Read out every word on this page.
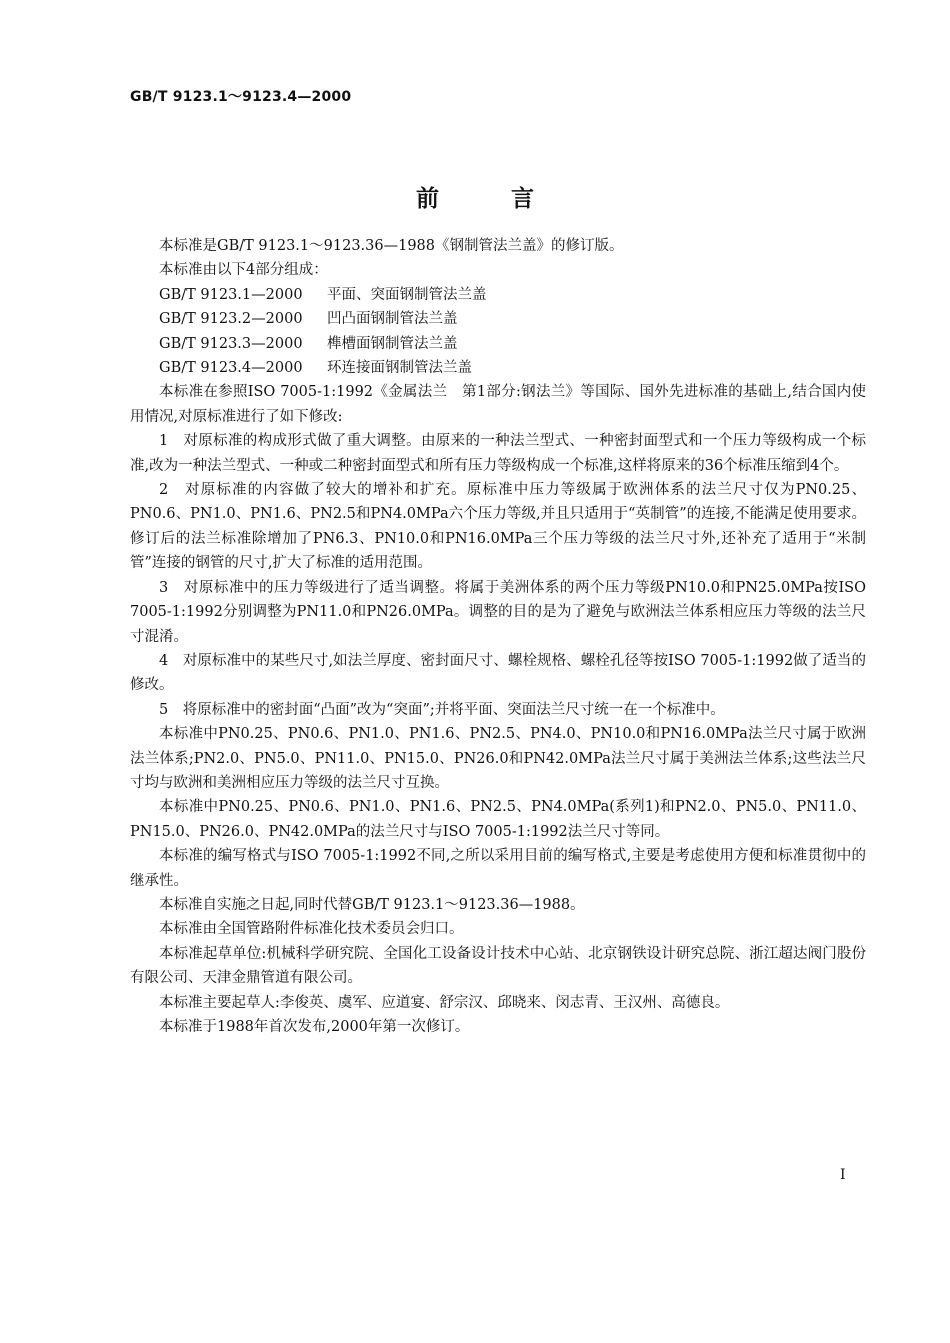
GB/T 9123.1～9123.4—2000
前言

本标准是GB/T 9123.1～9123.36—1988《钢制管法兰盖》的修订版。

本标准由以下4部分组成：

GB/T 9123.1—2000	平面、突面钢制管法兰盖
GB/T 9123.2—2000	凹凸面钢制管法兰盖
GB/T 9123.3—2000	榫槽面钢制管法兰盖
GB/T 9123.4—2000	环连接面钢制管法兰盖

本标准在参照ISO 7005-1:1992《金属法兰　第1部分:钢法兰》等国际、国外先进标准的基础上,结合国内使用情况,对原标准进行了如下修改:

1　对原标准的构成形式做了重大调整。由原来的一种法兰型式、一种密封面型式和一个压力等级构成一个标准,改为一种法兰型式、一种或二种密封面型式和所有压力等级构成一个标准,这样将原来的36个标准压缩到4个。

2　对原标准的内容做了较大的增补和扩充。原标准中压力等级属于欧洲体系的法兰尺寸仅为PN0.25、PN0.6、PN1.0、PN1.6、PN2.5和PN4.0MPa六个压力等级,并且只适用于“英制管”的连接,不能满足使用要求。修订后的法兰标准除增加了PN6.3、PN10.0和PN16.0MPa三个压力等级的法兰尺寸外,还补充了适用于“米制管”连接的钢管的尺寸,扩大了标准的适用范围。

3　对原标准中的压力等级进行了适当调整。将属于美洲体系的两个压力等级PN10.0和PN25.0MPa按ISO 7005-1:1992分别调整为PN11.0和PN26.0MPa。调整的目的是为了避免与欧洲法兰体系相应压力等级的法兰尺寸混淆。

4　对原标准中的某些尺寸,如法兰厚度、密封面尺寸、螺栓规格、螺栓孔径等按ISO 7005-1:1992做了适当的修改。

5　将原标准中的密封面“凸面”改为“突面”;并将平面、突面法兰尺寸统一在一个标准中。

本标准中PN0.25、PN0.6、PN1.0、PN1.6、PN2.5、PN4.0、PN10.0和PN16.0MPa法兰尺寸属于欧洲法兰体系;PN2.0、PN5.0、PN11.0、PN15.0、PN26.0和PN42.0MPa法兰尺寸属于美洲法兰体系;这些法兰尺寸均与欧洲和美洲相应压力等级的法兰尺寸互换。

本标准中PN0.25、PN0.6、PN1.0、PN1.6、PN2.5、PN4.0MPa(系列1)和PN2.0、PN5.0、PN11.0、PN15.0、PN26.0、PN42.0MPa的法兰尺寸与ISO 7005-1:1992法兰尺寸等同。

本标准的编写格式与ISO 7005-1:1992不同,之所以采用目前的编写格式,主要是考虑使用方便和标准贯彻中的继承性。

本标准自实施之日起,同时代替GB/T 9123.1～9123.36—1988。

本标准由全国管路附件标准化技术委员会归口。

本标准起草单位:机械科学研究院、全国化工设备设计技术中心站、北京钢铁设计研究总院、浙江超达阀门股份有限公司、天津金鼎管道有限公司。

本标准主要起草人:李俊英、虞军、应道宴、舒宗汉、邱晓来、闵志青、王汉州、高德良。

本标准于1988年首次发布,2000年第一次修订。

I
